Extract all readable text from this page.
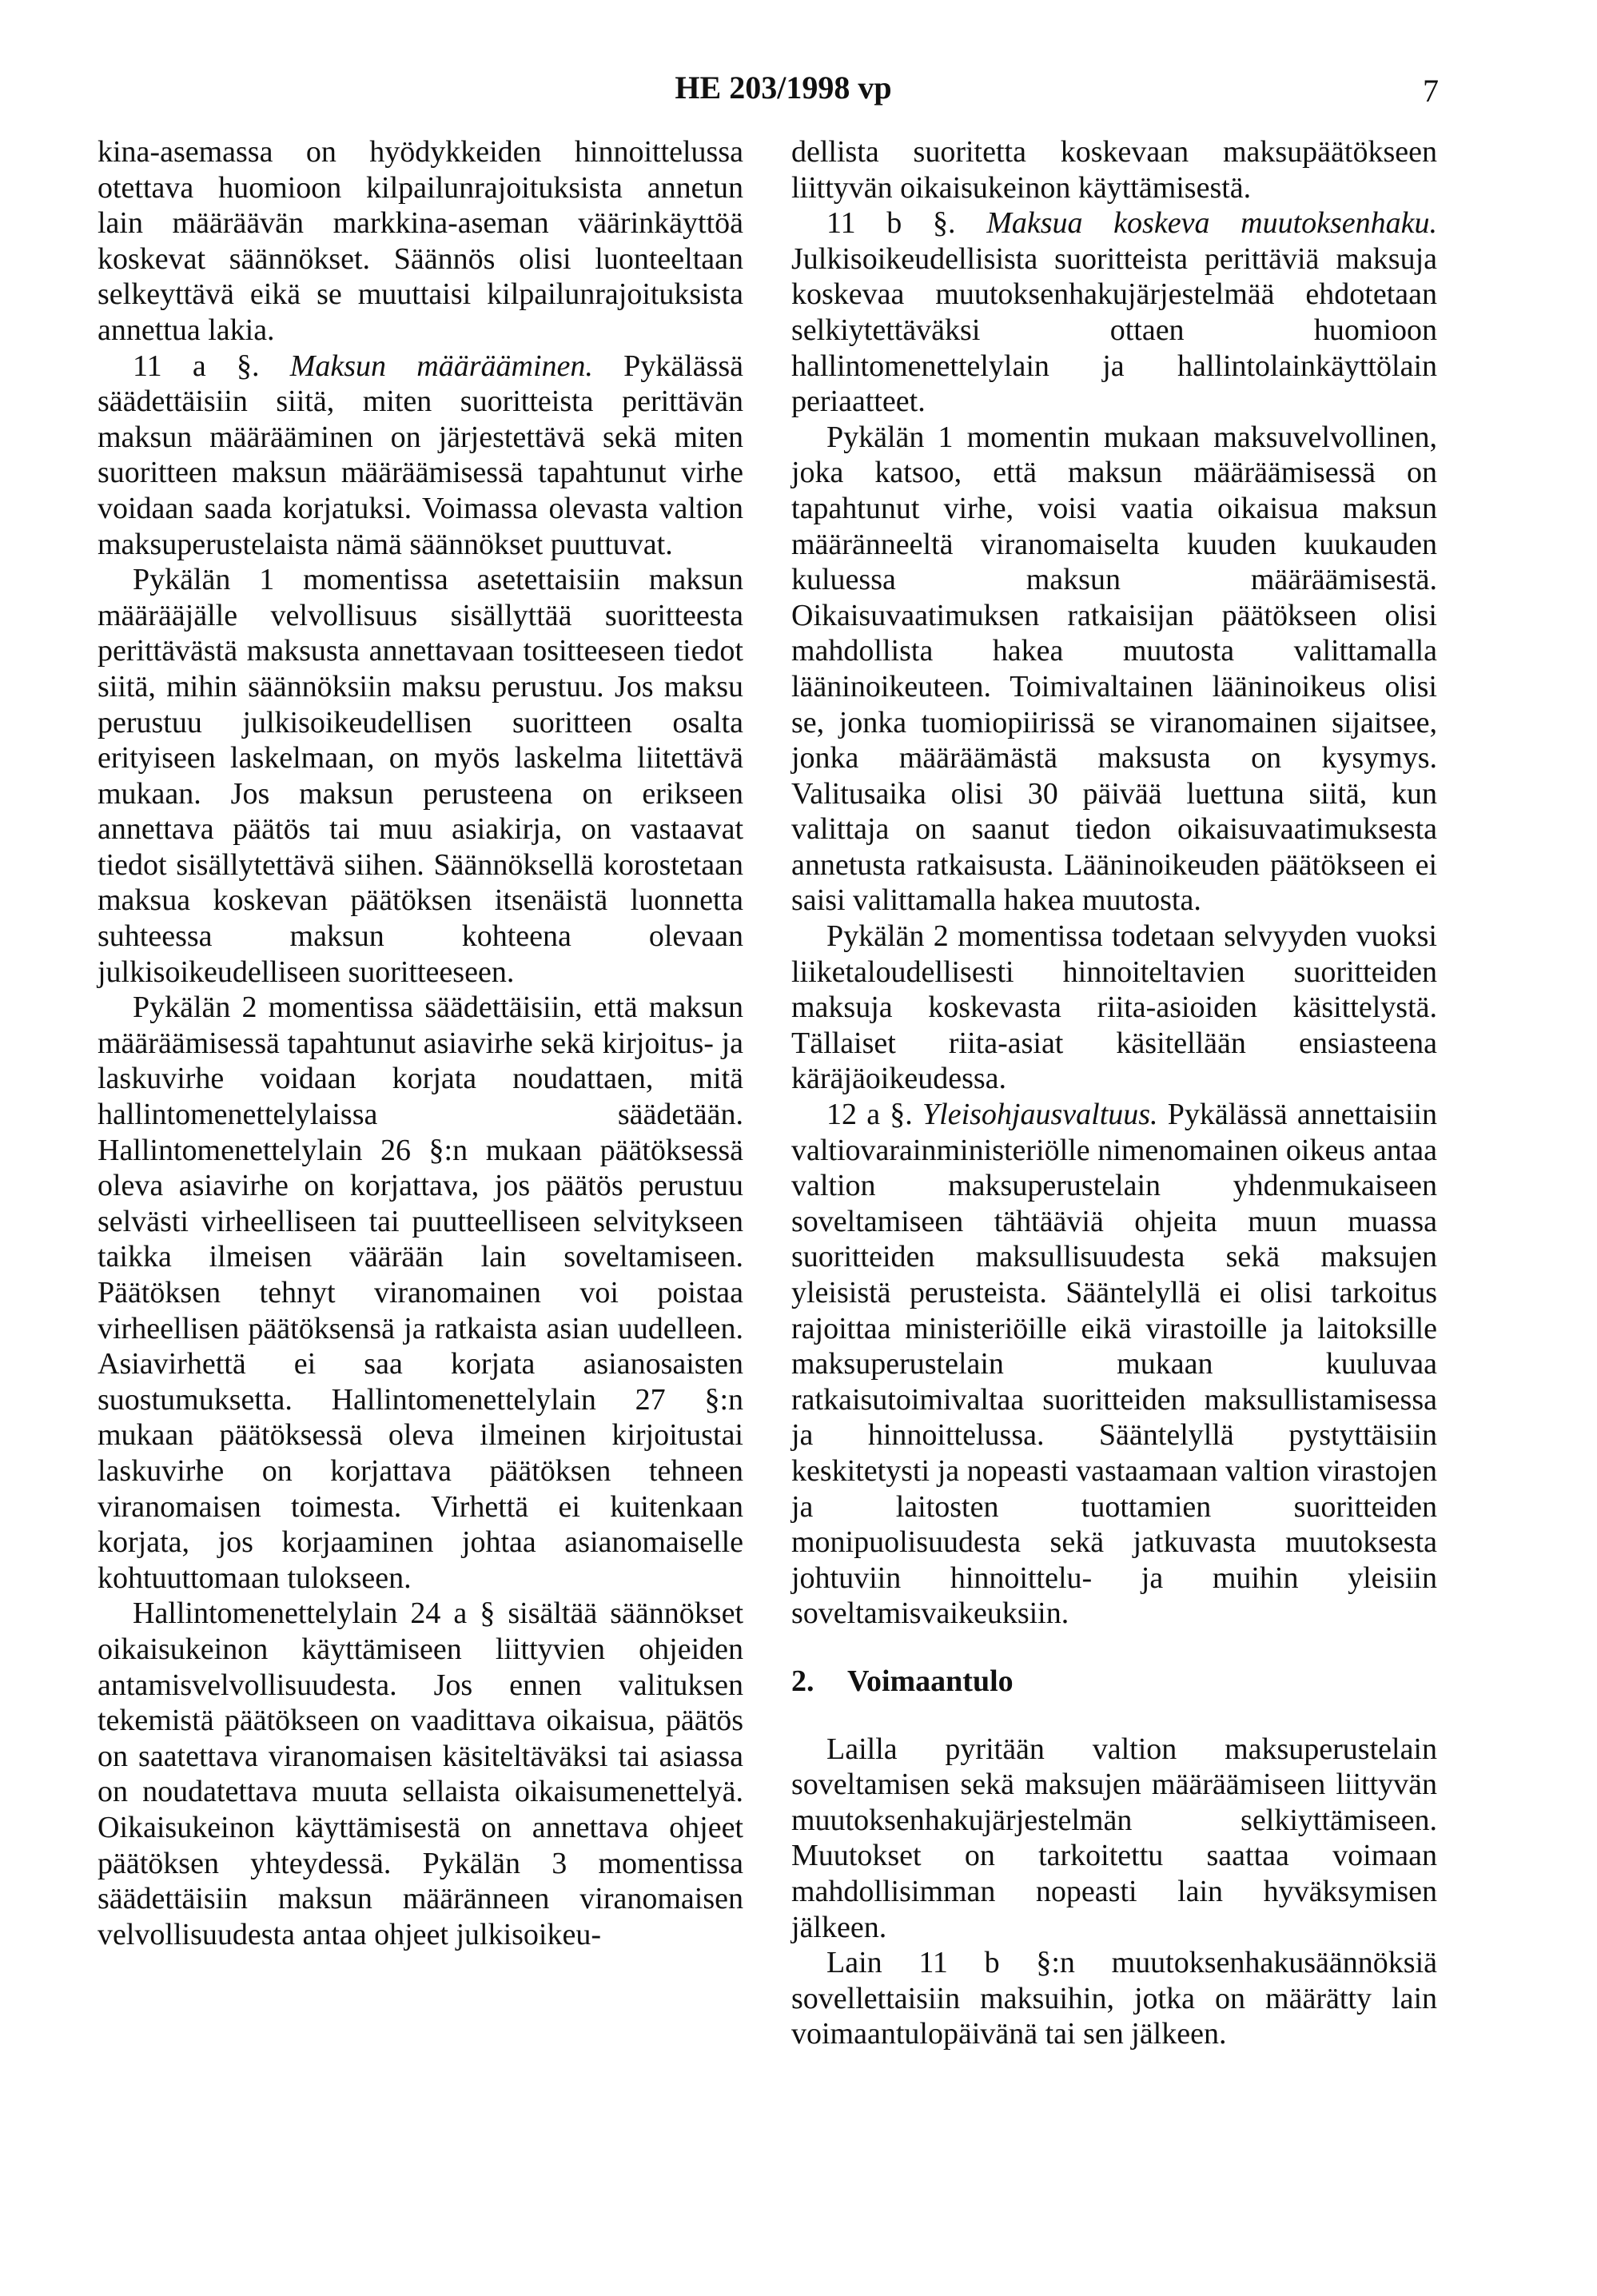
HE 203/1998 vp	7

kina-asemassa on hyödykkeiden hinnoittelussa otettava huomioon kilpailunrajoituksista annetun lain määräävän markkina-aseman väärinkäyttöä koskevat säännökset. Säännös olisi luonteeltaan selkeyttävä eikä se muuttaisi kilpailunrajoituksista annettua lakia.

11 a §. Maksun määrääminen. Pykälässä säädettäisiin siitä, miten suoritteista perittävän maksun määrääminen on järjestettävä sekä miten suoritteen maksun määräämisessä tapahtunut virhe voidaan saada korjatuksi. Voimassa olevasta valtion maksuperustelaista nämä säännökset puuttuvat.

Pykälän 1 momentissa asetettaisiin maksun määrääjälle velvollisuus sisällyttää suoritteesta perittävästä maksusta annettavaan tositteeseen tiedot siitä, mihin säännöksiin maksu perustuu. Jos maksu perustuu julkisoikeudellisen suoritteen osalta erityiseen laskelmaan, on myös laskelma liitettävä mukaan. Jos maksun perusteena on erikseen annettava päätös tai muu asiakirja, on vastaavat tiedot sisällytettävä siihen. Säännöksellä korostetaan maksua koskevan päätöksen itsenäistä luonnetta suhteessa maksun kohteena olevaan julkisoikeudelliseen suoritteeseen.

Pykälän 2 momentissa säädettäisiin, että maksun määräämisessä tapahtunut asiavirhe sekä kirjoitus- ja laskuvirhe voidaan korjata noudattaen, mitä hallintomenettelylaissa säädetään. Hallintomenettelylain 26 §:n mukaan päätöksessä oleva asiavirhe on korjattava, jos päätös perustuu selvästi virheelliseen tai puutteelliseen selvitykseen taikka ilmeisen väärään lain soveltamiseen. Päätöksen tehnyt viranomainen voi poistaa virheellisen päätöksensä ja ratkaista asian uudelleen. Asiavirhettä ei saa korjata asianosaisten suostumuksetta. Hallintomenettelylain 27 §:n mukaan päätöksessä oleva ilmeinen kirjoitustai laskuvirhe on korjattava päätöksen tehneen viranomaisen toimesta. Virhettä ei kuitenkaan korjata, jos korjaaminen johtaa asianomaiselle kohtuuttomaan tulokseen.

Hallintomenettelylain 24 a § sisältää säännökset oikaisukeinon käyttämiseen liittyvien ohjeiden antamisvelvollisuudesta. Jos ennen valituksen tekemistä päätökseen on vaadittava oikaisua, päätös on saatettava viranomaisen käsiteltäväksi tai asiassa on noudatettava muuta sellaista oikaisumenettelyä. Oikaisukeinon käyttämisestä on annettava ohjeet päätöksen yhteydessä. Pykälän 3 momentissa säädettäisiin maksun määränneen viranomaisen velvollisuudesta antaa ohjeet julkisoikeu-

dellista suoritetta koskevaan maksupäätökseen liittyvän oikaisukeinon käyttämisestä.

11 b §. Maksua koskeva muutoksenhaku. Julkisoikeudellisista suoritteista perittäviä maksuja koskevaa muutoksenhakujärjestelmää ehdotetaan selkiytettäväksi ottaen huomioon hallintomenettelylain ja hallintolainkäyttölain periaatteet.

Pykälän 1 momentin mukaan maksuvelvollinen, joka katsoo, että maksun määräämisessä on tapahtunut virhe, voisi vaatia oikaisua maksun määränneeltä viranomaiselta kuuden kuukauden kuluessa maksun määräämisestä. Oikaisuvaatimuksen ratkaisijan päätökseen olisi mahdollista hakea muutosta valittamalla lääninoikeuteen. Toimivaltainen lääninoikeus olisi se, jonka tuomiopiirissä se viranomainen sijaitsee, jonka määräämästä maksusta on kysymys. Valitusaika olisi 30 päivää luettuna siitä, kun valittaja on saanut tiedon oikaisuvaatimuksesta annetusta ratkaisusta. Lääninoikeuden päätökseen ei saisi valittamalla hakea muutosta.

Pykälän 2 momentissa todetaan selvyyden vuoksi liiketaloudellisesti hinnoiteltavien suoritteiden maksuja koskevasta riita-asioiden käsittelystä. Tällaiset riita-asiat käsitellään ensiasteena käräjäoikeudessa.

12 a §. Yleisohjausvaltuus. Pykälässä annettaisiin valtiovarainministeriölle nimenomainen oikeus antaa valtion maksuperustelain yhdenmukaiseen soveltamiseen tähtääviä ohjeita muun muassa suoritteiden maksullisuudesta sekä maksujen yleisistä perusteista. Sääntelyllä ei olisi tarkoitus rajoittaa ministeriöille eikä virastoille ja laitoksille maksuperustelain mukaan kuuluvaa ratkaisutoimivaltaa suoritteiden maksullistamisessa ja hinnoittelussa. Sääntelyllä pystyttäisiin keskitetysti ja nopeasti vastaamaan valtion virastojen ja laitosten tuottamien suoritteiden monipuolisuudesta sekä jatkuvasta muutoksesta johtuviin hinnoittelu- ja muihin yleisiin soveltamisvaikeuksiin.

2. Voimaantulo

Lailla pyritään valtion maksuperustelain soveltamisen sekä maksujen määräämiseen liittyvän muutoksenhakujärjestelmän selkiyttämiseen. Muutokset on tarkoitettu saattaa voimaan mahdollisimman nopeasti lain hyväksymisen jälkeen.

Lain 11 b §:n muutoksenhakusäännöksiä sovellettaisiin maksuihin, jotka on määrätty lain voimaantulopäivänä tai sen jälkeen.
